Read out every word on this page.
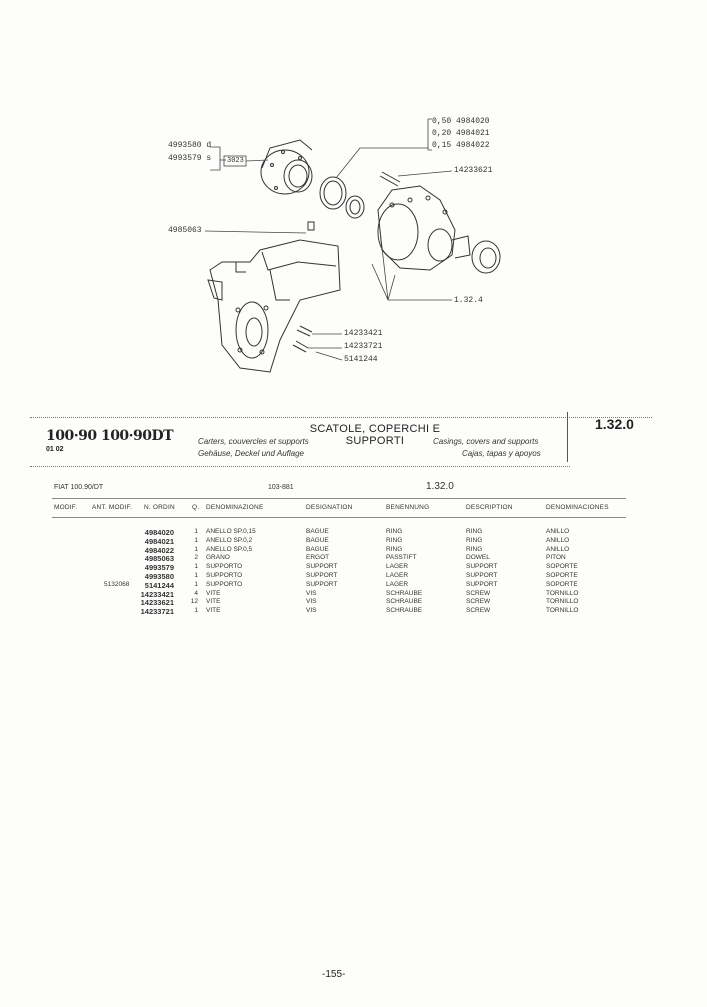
4993580 d
4993579 s 3023
4985063
0,50 4984020
0,20 4984021
0,15 4984022
14233621
1.32.4
14233421
14233721
5141244
100·90 100·90DT
01 02
SCATOLE, COPERCHI E SUPPORTI
Carters, couvercles et supports
Gehäuse, Deckel und Auflage
Casings, covers and supports
Cajas, tapas y apoyos
1.32.0
FIAT 100.90/DT	103-881	1.32.0
MODIF. ANT. MODIF. N. ORDIN	Q. DENOMINAZIONE	DESIGNATION	BENENNUNG	DESCRIPTION	DENOMINACIONES
4984020	1 ANELLO SP.0,15	BAGUE	RING	RING	ANILLO
4984021	1 ANELLO SP.0,2	BAGUE	RING	RING	ANILLO
4984022	1 ANELLO SP.0,5	BAGUE	RING	RING	ANILLO
4985063	2 GRANO	ERGOT	PASSTIFT	DOWEL	PITON
4993579	1 SUPPORTO	SUPPORT	LAGER	SUPPORT	SOPORTE
4993580	1 SUPPORTO	SUPPORT	LAGER	SUPPORT	SOPORTE
5132068	5141244	1 SUPPORTO	SUPPORT	LAGER	SUPPORT	SOPORTE
14233421	4 VITE	VIS	SCHRAUBE	SCREW	TORNILLO
14233621	12 VITE	VIS	SCHRAUBE	SCREW	TORNILLO
14233721	1 VITE	VIS	SCHRAUBE	SCREW	TORNILLO
-155-
